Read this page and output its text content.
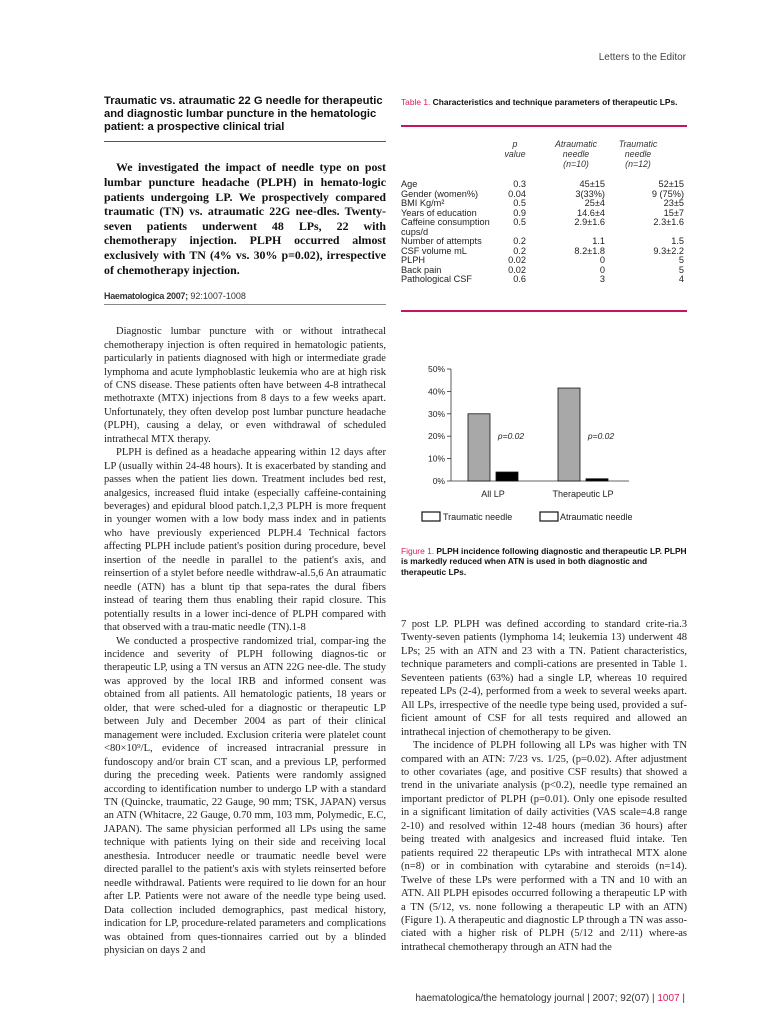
Letters to the Editor
Traumatic vs. atraumatic 22 G needle for therapeutic and diagnostic lumbar puncture in the hematologic patient: a prospective clinical trial

We investigated the impact of needle type on post lumbar puncture headache (PLPH) in hemato-logic patients undergoing LP. We prospectively compared traumatic (TN) vs. atraumatic 22G nee-dles. Twenty-seven patients underwent 48 LPs, 22 with chemotherapy injection. PLPH occurred almost exclusively with TN (4% vs. 30% p=0.02), irrespective of chemotherapy injection.

Haematologica 2007; 92:1007-1008

Diagnostic lumbar puncture with or without intrathecal chemotherapy injection is often required in hematologic patients, particularly in patients diagnosed with high or intermediate grade lymphoma and acute lymphoblastic leukemia who are at high risk of CNS disease. These patients often have between 4-8 intrathecal methotraxte (MTX) injections from 8 days to a few weeks apart. Unfortunately, they often develop post lumbar puncture headache (PLPH), causing a delay, or even withdrawal of scheduled intrathecal MTX therapy.

PLPH is defined as a headache appearing within 12 days after LP (usually within 24-48 hours). It is exacerbated by standing and passes when the patient lies down. Treatment includes bed rest, analgesics, increased fluid intake (especially caffeine-containing beverages) and epidural blood patch.1,2,3 PLPH is more frequent in younger women with a low body mass index and in patients who have previously experienced PLPH.4 Technical factors affecting PLPH include patient's position during procedure, bevel insertion of the needle in parallel to the patient's axis, and reinsertion of a stylet before needle withdraw-al.5,6 An atraumatic needle (ATN) has a blunt tip that sepa-rates the dural fibers instead of tearing them thus enabling their rapid closure. This potentially results in a lower inci-dence of PLPH compared with that observed with a trau-matic needle (TN).1-8

We conducted a prospective randomized trial, compar-ing the incidence and severity of PLPH following diagnos-tic or therapeutic LP, using a TN versus an ATN 22G nee-dle. The study was approved by the local IRB and informed consent was obtained from all patients. All hematologic patients, 18 years or older, that were sched-uled for a diagnostic or therapeutic LP between July and December 2004 as part of their clinical management were included. Exclusion criteria were platelet count <80×10⁹/L, evidence of increased intracranial pressure in fundoscopy and/or brain CT scan, and a previous LP, performed during the preceding week. Patients were randomly assigned according to identification number to undergo LP with a standard TN (Quincke, traumatic, 22 Gauge, 90 mm; TSK, JAPAN) versus an ATN (Whitacre, 22 Gauge, 0.70 mm, 103 mm, Polymedic, E.C, JAPAN). The same physician performed all LPs using the same technique with patients lying on their side and receiving local anesthesia. Introducer needle or traumatic needle bevel were directed parallel to the patient's axis with stylets reinserted before needle withdrawal. Patients were required to lie down for an hour after LP. Patients were not aware of the needle type being used. Data collection included demographics, past medical history, indication for LP, procedure-related parameters and complications was obtained from ques-tionnaires carried out by a blinded physician on days 2 and

Table 1. Characteristics and technique parameters of therapeutic LPs.
p
value
Atraumatic
needle
(n=10)
Traumatic
needle
(n=12)
Age	0.3	45±15	52±15
Gender (women%)	0.04	3(33%)	9 (75%)
BMI Kg/m²	0.5	25±4	23±5
Years of education	0.9	14.6±4	15±7
Caffeine consumption	0.5	2.9±1.6	2.3±1.6
cups/d
Number of attempts	0.2	1.1	1.5
CSF volume mL	0.2	8.2±1.8	9.3±2.2
PLPH	0.02	0	5
Back pain	0.02	0	5
Pathological CSF	0.6	3	4
0%
10%
20%
30%
40%
50%
p=0.02
All LP
p=0.02
Therapeutic LP
Traumatic needle	Atraumatic needle
Figure 1. PLPH incidence following diagnostic and therapeutic LP. PLPH is markedly reduced when ATN is used in both diagnostic and therapeutic LPs.

7 post LP. PLPH was defined according to standard crite-ria.3 Twenty-seven patients (lymphoma 14; leukemia 13) underwent 48 LPs; 25 with an ATN and 23 with a TN. Patient characteristics, technique parameters and compli-cations are presented in Table 1. Seventeen patients (63%) had a single LP, whereas 10 required repeated LPs (2-4), performed from a week to several weeks apart. All LPs, irrespective of the needle type being used, provided a suf-ficient amount of CSF for all tests required and allowed an intrathecal injection of chemotherapy to be given.

The incidence of PLPH following all LPs was higher with TN compared with an ATN: 7/23 vs. 1/25, (p=0.02). After adjustment to other covariates (age, and positive CSF results) that showed a trend in the univariate analysis (p<0.2), needle type remained an important predictor of PLPH (p=0.01). Only one episode resulted in a significant limitation of daily activities (VAS scale=4.8 range 2-10) and resolved within 12-48 hours (median 36 hours) after being treated with analgesics and increased fluid intake. Ten patients required 22 therapeutic LPs with intrathecal MTX alone (n=8) or in combination with cytarabine and steroids (n=14). Twelve of these LPs were performed with a TN and 10 with an ATN. All PLPH episodes occurred following a therapeutic LP with a TN (5/12, vs. none following a therapeutic LP with an ATN) (Figure 1). A therapeutic and diagnostic LP through a TN was asso-ciated with a higher risk of PLPH (5/12 and 2/11) where-as intrathecal chemotherapy through an ATN had the

haematologica/the hematology journal | 2007; 92(07) | 1007 |
